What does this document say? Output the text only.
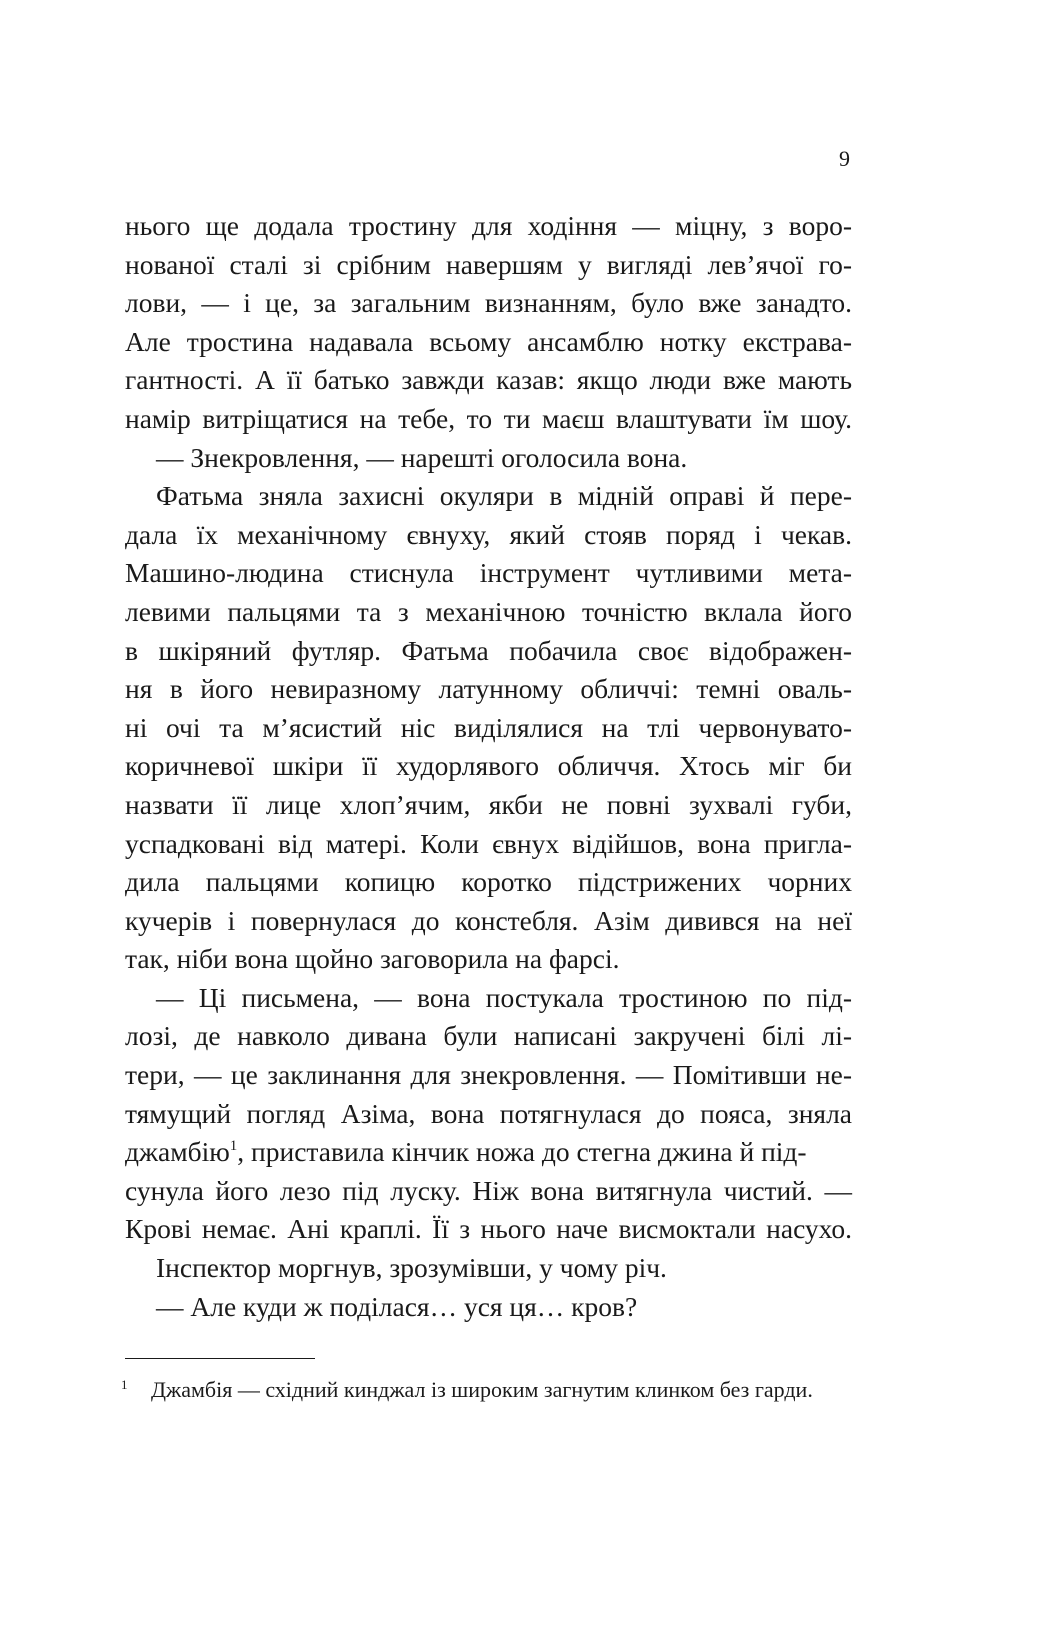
9
нього ще додала тростину для ходіння — міцну, з воро-
нованої сталі зі срібним навершям у вигляді лев’ячої го-
лови, — і це, за загальним визнанням, було вже занадто.
Але тростина надавала всьому ансамблю нотку екстрава-
гантності. А її батько завжди казав: якщо люди вже мають
намір витріщатися на тебе, то ти маєш влаштувати їм шоу.
— Знекровлення, — нарешті оголосила вона.
Фатьма зняла захисні окуляри в мідній оправі й пере-
дала їх механічному євнуху, який стояв поряд і чекав.
Машино-людина стиснула інструмент чутливими мета-
левими пальцями та з механічною точністю вклала його
в шкіряний футляр. Фатьма побачила своє відображен-
ня в його невиразному латунному обличчі: темні оваль-
ні очі та м’ясистий ніс виділялися на тлі червонувато-
коричневої шкіри її худорлявого обличчя. Хтось міг би
назвати її лице хлоп’ячим, якби не повні зухвалі губи,
успадковані від матері. Коли євнух відійшов, вона пригла-
дила пальцями копицю коротко підстрижених чорних
кучерів і повернулася до констебля. Азім дивився на неї
так, ніби вона щойно заговорила на фарсі.
— Ці письмена, — вона постукала тростиною по під-
лозі, де навколо дивана були написані закручені білі лі-
тери, — це заклинання для знекровлення. — Помітивши не-
тямущий погляд Азіма, вона потягнулася до пояса, зняла
джамбію$^1$, приставила кінчик ножа до стегна джина й під-
сунула його лезо під луску. Ніж вона витягнула чистий. —
Крові немає. Ані краплі. Її з нього наче висмоктали насухо.
Інспектор моргнув, зрозумівши, у чому річ.
— Але куди ж поділася… уся ця… кров?
1 Джамбія — східний кинджал із широким загнутим клинком без гарди.
